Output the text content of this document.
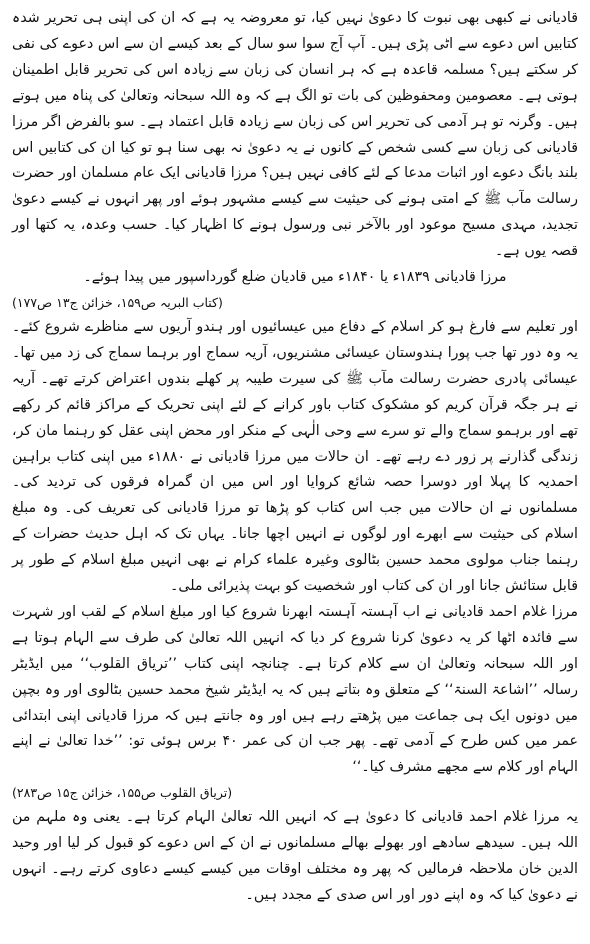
قادیانی نے کبھی بھی نبوت کا دعویٰ نہیں کیا، تو معروضہ یہ ہے کہ ان کی اپنی ہی تحریر شدہ کتابیں اس دعوے سے اٹی پڑی ہیں۔ آپ آج سوا سو سال کے بعد کیسے ان سے اس دعوے کی نفی کر سکتے ہیں؟ مسلمہ قاعدہ ہے کہ ہر انسان کی زبان سے زیادہ اس کی تحریر قابل اطمینان ہوتی ہے۔ معصومین ومحفوظین کی بات تو الگ ہے کہ وہ اللہ سبحانہ وتعالیٰ کی پناہ میں ہوتے ہیں۔ وگرنہ تو ہر آدمی کی تحریر اس کی زبان سے زیادہ قابل اعتماد ہے۔ سو بالفرض اگر مرزا قادیانی کی زبان سے کسی شخص کے کانوں نے یہ دعویٰ نہ بھی سنا ہو تو کیا ان کی کتابیں اس بلند بانگ دعوے اور اثبات مدعا کے لئے کافی نہیں ہیں؟ مرزا قادیانی ایک عام مسلمان اور حضرت رسالت مآب ﷺ کے امتی ہونے کی حیثیت سے کیسے مشہور ہوئے اور پھر انہوں نے کیسے دعویٰ تجدید، مہدی مسیح موعود اور بالآخر نبی ورسول ہونے کا اظہار کیا۔ حسب وعدہ، یہ کتھا اور قصہ یوں ہے۔

مرزا قادیانی ۱۸۳۹ء یا ۱۸۴۰ء میں قادیان ضلع گورداسپور میں پیدا ہوئے۔

(کتاب البریہ ص۱۵۹، خزائن ج۱۳ ص۱۷۷)

اور تعلیم سے فارغ ہو کر اسلام کے دفاع میں عیسائیوں اور ہندو آریوں سے مناظرے شروع کئے۔ یہ وہ دور تھا جب پورا ہندوستان عیسائی مشنریوں، آریہ سماج اور برہما سماج کی زد میں تھا۔ عیسائی پادری حضرت رسالت مآب ﷺ کی سیرت طیبہ پر کھلے بندوں اعتراض کرتے تھے۔ آریہ نے ہر جگہ قرآن کریم کو مشکوک کتاب باور کرانے کے لئے اپنی تحریک کے مراکز قائم کر رکھے تھے اور برہمو سماج والے تو سرے سے وحی الٰہی کے منکر اور محض اپنی عقل کو رہنما مان کر، زندگی گذارنے پر زور دے رہے تھے۔ ان حالات میں مرزا قادیانی نے ۱۸۸۰ء میں اپنی کتاب براہین احمدیہ کا پہلا اور دوسرا حصہ شائع کروایا اور اس میں ان گمراہ فرقوں کی تردید کی۔ مسلمانوں نے ان حالات میں جب اس کتاب کو پڑھا تو مرزا قادیانی کی تعریف کی۔ وہ مبلغ اسلام کی حیثیت سے ابھرے اور لوگوں نے انہیں اچھا جانا۔ یہاں تک کہ اہل حدیث حضرات کے رہنما جناب مولوی محمد حسین بٹالوی وغیرہ علماء کرام نے بھی انہیں مبلغ اسلام کے طور پر قابل ستائش جانا اور ان کی کتاب اور شخصیت کو بہت پذیرائی ملی۔

مرزا غلام احمد قادیانی نے اب آہستہ آہستہ ابھرنا شروع کیا اور مبلغ اسلام کے لقب اور شہرت سے فائدہ اٹھا کر یہ دعویٰ کرنا شروع کر دیا کہ انہیں اللہ تعالیٰ کی طرف سے الہام ہوتا ہے اور اللہ سبحانہ وتعالیٰ ان سے کلام کرتا ہے۔ چنانچہ اپنی کتاب ’’تریاق القلوب‘‘ میں ایڈیٹر رسالہ ’’اشاعۃ السنۃ‘‘ کے متعلق وہ بتاتے ہیں کہ یہ ایڈیٹر شیخ محمد حسین بٹالوی اور وہ بچپن میں دونوں ایک ہی جماعت میں پڑھتے رہے ہیں اور وہ جانتے ہیں کہ مرزا قادیانی اپنی ابتدائی عمر میں کس طرح کے آدمی تھے۔ پھر جب ان کی عمر ۴۰ برس ہوئی تو: ’’خدا تعالیٰ نے اپنے الہام اور کلام سے مجھے مشرف کیا۔‘‘

(تریاق القلوب ص۱۵۵، خزائن ج۱۵ ص۲۸۳)

یہ مرزا غلام احمد قادیانی کا دعویٰ ہے کہ انہیں اللہ تعالیٰ الہام کرتا ہے۔ یعنی وہ ملہم من اللہ ہیں۔ سیدھے سادھے اور بھولے بھالے مسلمانوں نے ان کے اس دعوے کو قبول کر لیا اور وحید الدین خان ملاحظہ فرمالیں کہ پھر وہ مختلف اوقات میں کیسے کیسے دعاوی کرتے رہے۔ انہوں نے دعویٰ کیا کہ وہ اپنے دور اور اس صدی کے مجدد ہیں۔
